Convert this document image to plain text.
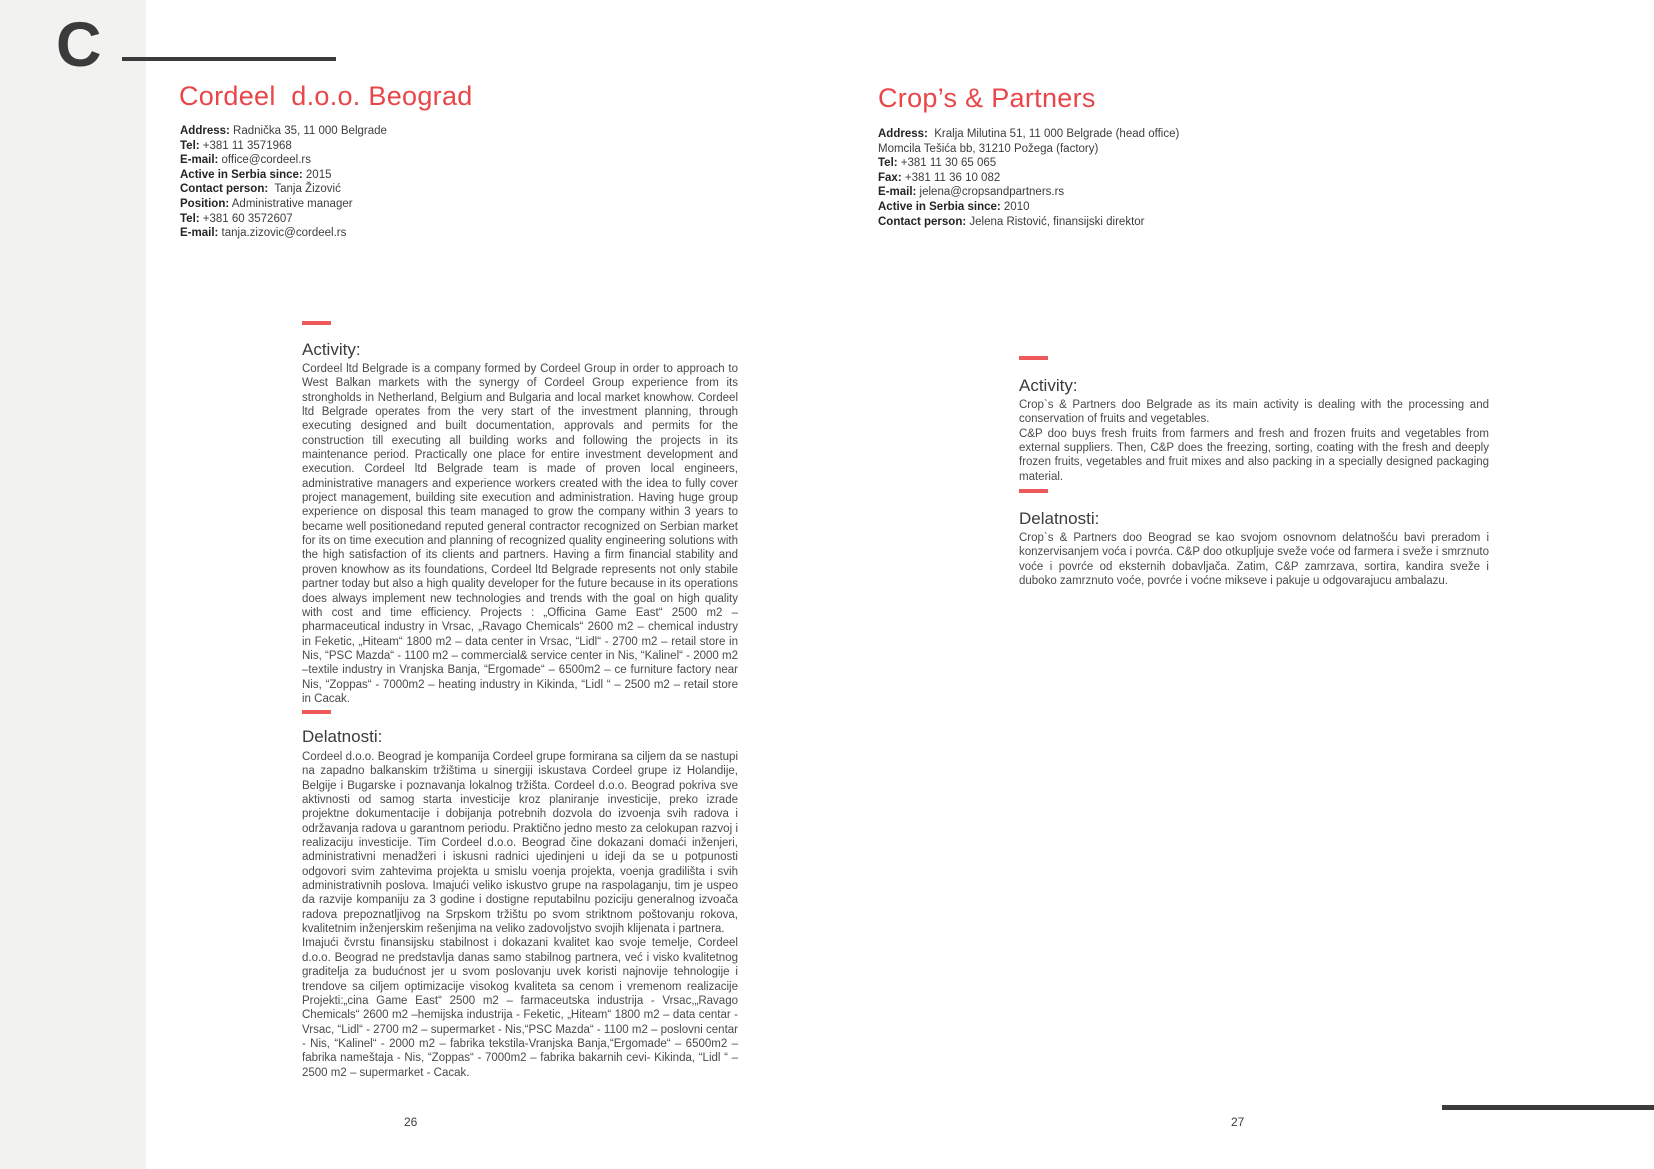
C
Cordeel  d.o.o. Beograd
Address: Radnička 35, 11 000 Belgrade
Tel: +381 11 3571968
E-mail: office@cordeel.rs
Active in Serbia since: 2015
Contact person:  Tanja Žizović
Position: Administrative manager
Tel: +381 60 3572607
E-mail: tanja.zizovic@cordeel.rs
Activity:

Cordeel ltd Belgrade is a company formed by Cordeel Group in order to approach to West Balkan markets with the synergy of Cordeel Group experience from its strongholds in Netherland, Belgium and Bulgaria and local market knowhow. Cordeel ltd Belgrade operates from the very start of the investment planning, through executing designed and built documentation, approvals and permits for the construction till executing all building works and following the projects in its maintenance period. Practically one place for entire investment development and execution. Cordeel ltd Belgrade team is made of proven local engineers, administrative managers and experience workers created with the idea to fully cover project management, building site execution and administration. Having huge group experience on disposal this team managed to grow the company within 3 years to became well positionedand reputed general contractor recognized on Serbian market for its on time execution and planning of recognized quality engineering solutions with the high satisfaction of its clients and partners. Having a firm financial stability and proven knowhow as its foundations, Cordeel ltd Belgrade represents not only stabile partner today but also a high quality developer for the future because in its operations does always implement new technologies and trends with the goal on high quality with cost and time efficiency. Projects : „Officina Game East“ 2500 m2 – pharmaceutical industry in Vrsac, „Ravago Chemicals“ 2600 m2 – chemical industry in Feketic, „Hiteam“ 1800 m2 – data center in Vrsac, “Lidl“ - 2700 m2 – retail store in Nis, “PSC Mazda“ - 1100 m2 – commercial& service center in Nis, “Kalinel“ - 2000 m2 –textile industry in Vranjska Banja, “Ergomade“ – 6500m2 – ce furniture factory near Nis, “Zoppas“ - 7000m2 – heating industry in Kikinda, “Lidl “ – 2500 m2 – retail store in Cacak.

Delatnosti:

Cordeel d.o.o. Beograd je kompanija Cordeel grupe formirana sa ciljem da se nastupi na zapadno balkanskim tržištima u sinergiji iskustava Cordeel grupe iz Holandije, Belgije i Bugarske i poznavanja lokalnog tržišta. Cordeel d.o.o. Beograd pokriva sve aktivnosti od samog starta investicije kroz planiranje investicije, preko izrade projektne dokumentacije i dobijanja potrebnih dozvola do izvoenja svih radova i održavanja radova u garantnom periodu. Praktično jedno mesto za celokupan razvoj i realizaciju investicije. Tim Cordeel d.o.o. Beograd čine dokazani domaći inženjeri, administrativni menadžeri i iskusni radnici ujedinjeni u ideji da se u potpunosti odgovori svim zahtevima projekta u smislu voenja projekta, voenja gradilišta i svih administrativnih poslova. Imajući veliko iskustvo grupe na raspolaganju, tim je uspeo da razvije kompaniju za 3 godine i dostigne reputabilnu poziciju generalnog izvoača radova prepoznatljivog na Srpskom tržištu po svom striktnom poštovanju rokova, kvalitetnim inženjerskim rešenjima na veliko zadovoljstvo svojih klijenata i partnera.

Imajući čvrstu finansijsku stabilnost i dokazani kvalitet kao svoje temelje, Cordeel d.o.o. Beograd ne predstavlja danas samo stabilnog partnera, već i visko kvalitetnog graditelja za budućnost jer u svom poslovanju uvek koristi najnovije tehnologije i trendove sa ciljem optimizacije visokog kvaliteta sa cenom i vremenom realizacije Projekti:„cina Game East“ 2500 m2 – farmaceutska industrija - Vrsac,„Ravago Chemicals“ 2600 m2 –hemijska industrija - Feketic, „Hiteam“ 1800 m2 – data centar - Vrsac, “Lidl“ - 2700 m2 – supermarket - Nis,“PSC Mazda“ - 1100 m2 – poslovni centar - Nis, “Kalinel“ - 2000 m2 – fabrika tekstila-Vranjska Banja,“Ergomade“ – 6500m2 – fabrika nameštaja - Nis, “Zoppas“ - 7000m2 – fabrika bakarnih cevi- Kikinda, “Lidl “ – 2500 m2 – supermarket - Cacak.

26
Crop’s & Partners
Address:  Kralja Milutina 51, 11 000 Belgrade (head office)
Momcila Tešića bb, 31210 Požega (factory)
Tel: +381 11 30 65 065
Fax: +381 11 36 10 082
E-mail: jelena@cropsandpartners.rs
Active in Serbia since: 2010
Contact person: Jelena Ristović, finansijski direktor
Activity:

Crop`s & Partners doo Belgrade as its main activity is dealing with the processing and conservation of fruits and vegetables.

C&P doo buys fresh fruits from farmers and fresh and frozen fruits and vegetables from external suppliers. Then, C&P does the freezing, sorting, coating with the fresh and deeply frozen fruits, vegetables and fruit mixes and also packing in a specially designed packaging material.

Delatnosti:

Crop`s & Partners doo Beograd se kao svojom osnovnom delatnošću bavi preradom i konzervisanjem voća i povrća. C&P doo otkupljuje sveže voće od farmera i sveže i smrznuto voće i povrće od eksternih dobavljača. Zatim, C&P zamrzava, sortira, kandira sveže i duboko zamrznuto voće, povrće i voćne mikseve i pakuje u odgovarajucu ambalazu.

27
